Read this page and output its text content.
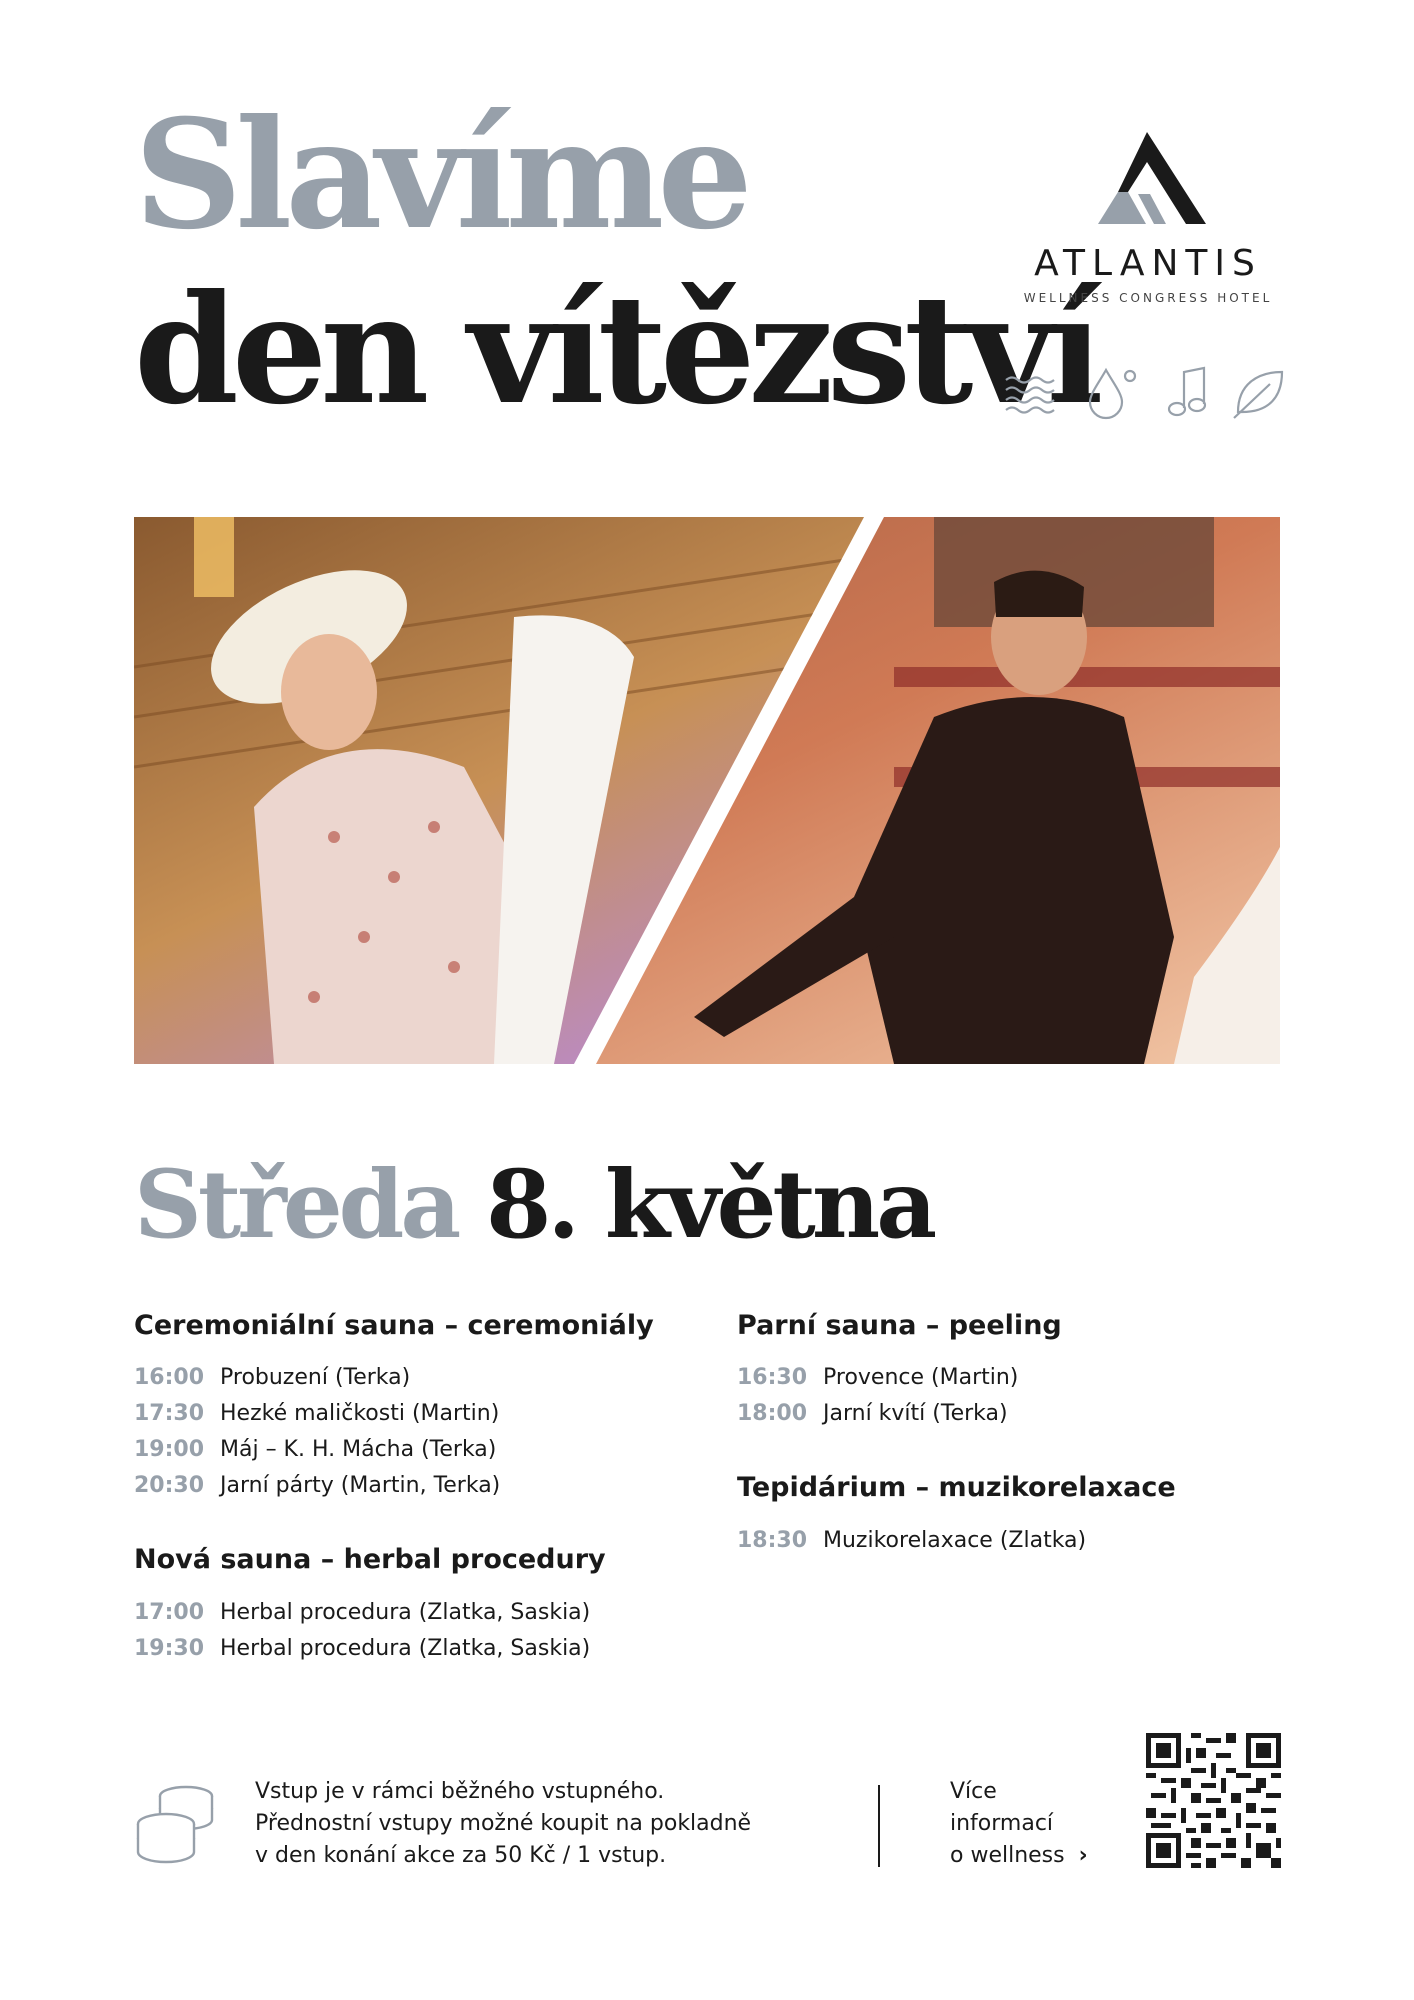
Slavíme
den vítězství
ATLANTIS
WELLNESS CONGRESS HOTEL
Středa 8. května
Ceremoniální sauna – ceremoniály
16:00 Probuzení (Terka)
17:30 Hezké maličkosti (Martin)
19:00 Máj – K. H. Mácha (Terka)
20:30 Jarní párty (Martin, Terka)
Nová sauna – herbal procedury
17:00 Herbal procedura (Zlatka, Saskia)
19:30 Herbal procedura (Zlatka, Saskia)
Parní sauna – peeling
16:30 Provence (Martin)
18:00 Jarní kvítí (Terka)
Tepidárium – muzikorelaxace
18:30 Muzikorelaxace (Zlatka)
Vstup je v rámci běžného vstupného.
Přednostní vstupy možné koupit na pokladně
v den konání akce za 50 Kč / 1 vstup.
Více
informací
o wellness ›
